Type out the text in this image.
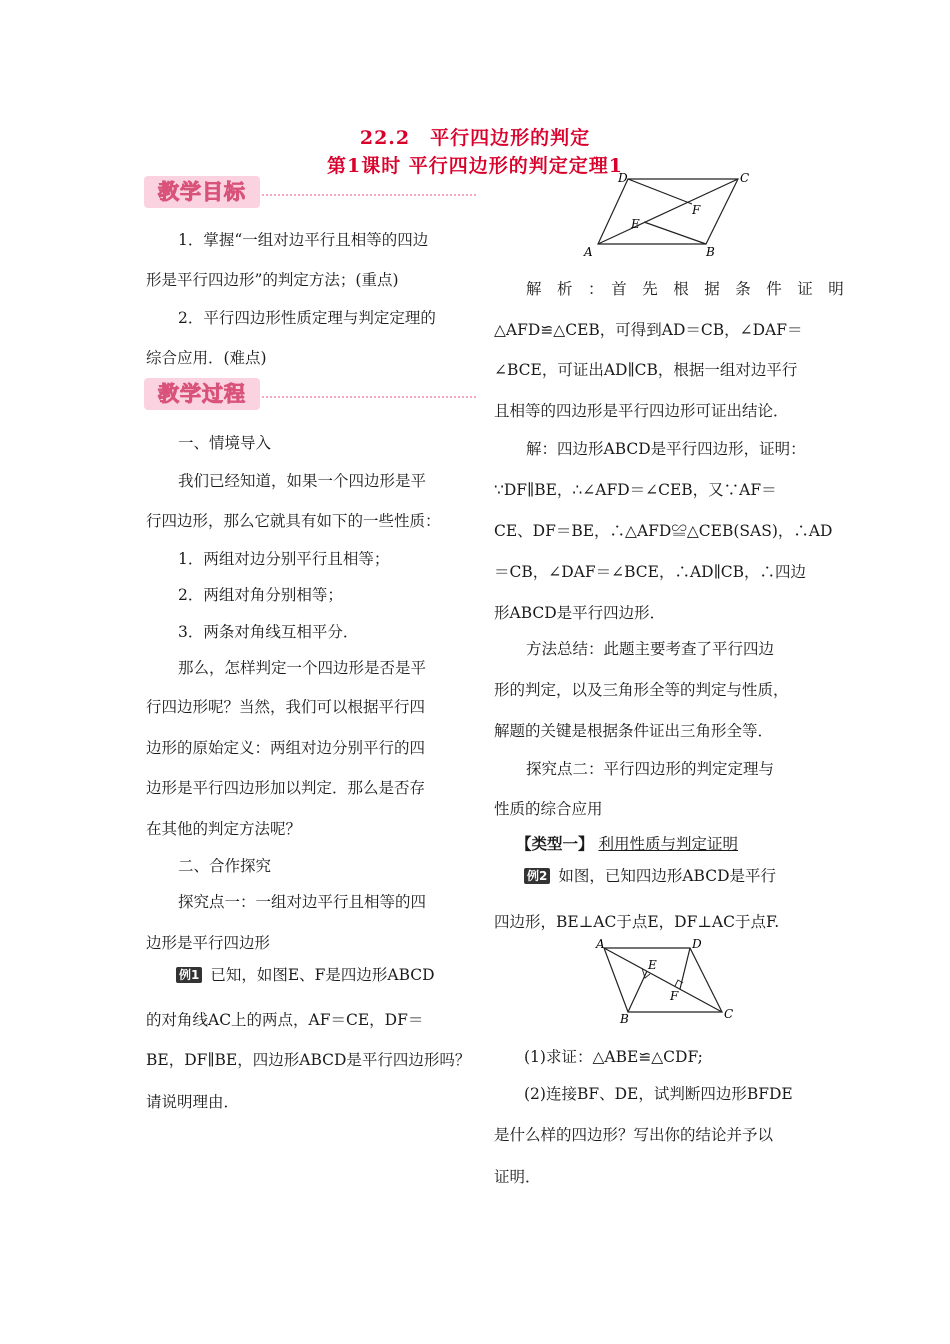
22.2　平行四边形的判定
第1课时 平行四边形的判定定理1
教学目标
1．掌握“一组对边平行且相等的四边
形是平行四边形”的判定方法；(重点)
2．平行四边形性质定理与判定定理的
综合应用．(难点)
教学过程
一、情境导入
我们已经知道，如果一个四边形是平
行四边形，那么它就具有如下的一些性质：
1．两组对边分别平行且相等；
2．两组对角分别相等；
3．两条对角线互相平分．
那么，怎样判定一个四边形是否是平
行四边形呢？当然，我们可以根据平行四
边形的原始定义：两组对边分别平行的四
边形是平行四边形加以判定．那么是否存
在其他的判定方法呢？
二、合作探究
探究点一：一组对边平行且相等的四
边形是平行四边形
例1 已知，如图E、F是四边形ABCD
的对角线AC上的两点，AF＝CE，DF＝
BE，DF∥BE，四边形ABCD是平行四边形吗？
请说明理由．
D	C
E
F
A	B
解　析　：　首　先　根　据　条　件　证　明
△AFD≌△CEB，可得到AD＝CB，∠DAF＝
∠BCE，可证出AD∥CB，根据一组对边平行
且相等的四边形是平行四边形可证出结论．
解：四边形ABCD是平行四边形，证明：
∵DF∥BE，∴∠AFD＝∠CEB，又∵AF＝
CE、DF＝BE，∴△AFD≌△CEB(SAS)，∴AD
＝CB，∠DAF＝∠BCE，∴AD∥CB，∴四边
形ABCD是平行四边形．
方法总结：此题主要考查了平行四边
形的判定，以及三角形全等的判定与性质，
解题的关键是根据条件证出三角形全等．
探究点二：平行四边形的判定定理与
性质的综合应用
【类型一】 利用性质与判定证明
例2 如图，已知四边形ABCD是平行
四边形，BE⊥AC于点E，DF⊥AC于点F.
A	D
E
F
B	C
(1)求证：△ABE≌△CDF;
(2)连接BF、DE，试判断四边形BFDE
是什么样的四边形？写出你的结论并予以
证明．
